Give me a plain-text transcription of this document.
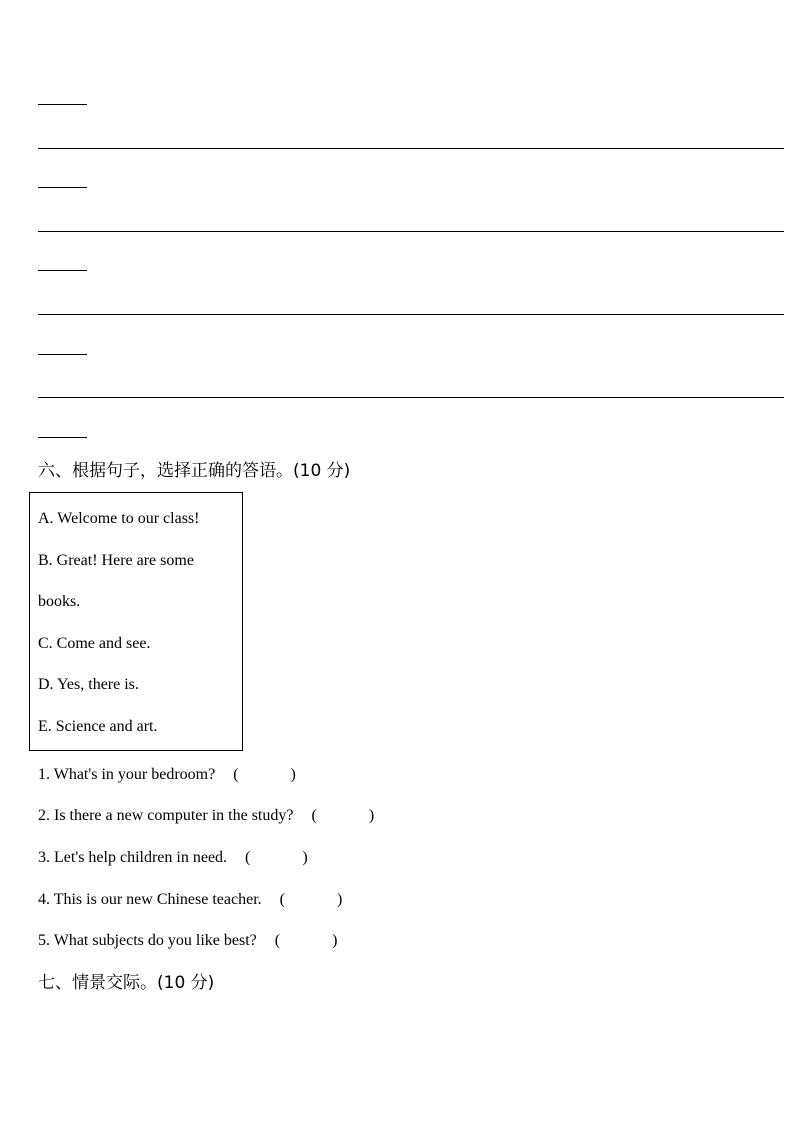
六、根据句子，选择正确的答语。(10 分)
A. Welcome to our class!
B. Great! Here are some
books.
C. Come and see.
D. Yes, there is.
E. Science and art.
1. What's in your bedroom? (	)
2. Is there a new computer in the study? (	)
3. Let's help children in need. (	)
4. This is our new Chinese teacher. (	)
5. What subjects do you like best? (	)
七、情景交际。(10 分)
